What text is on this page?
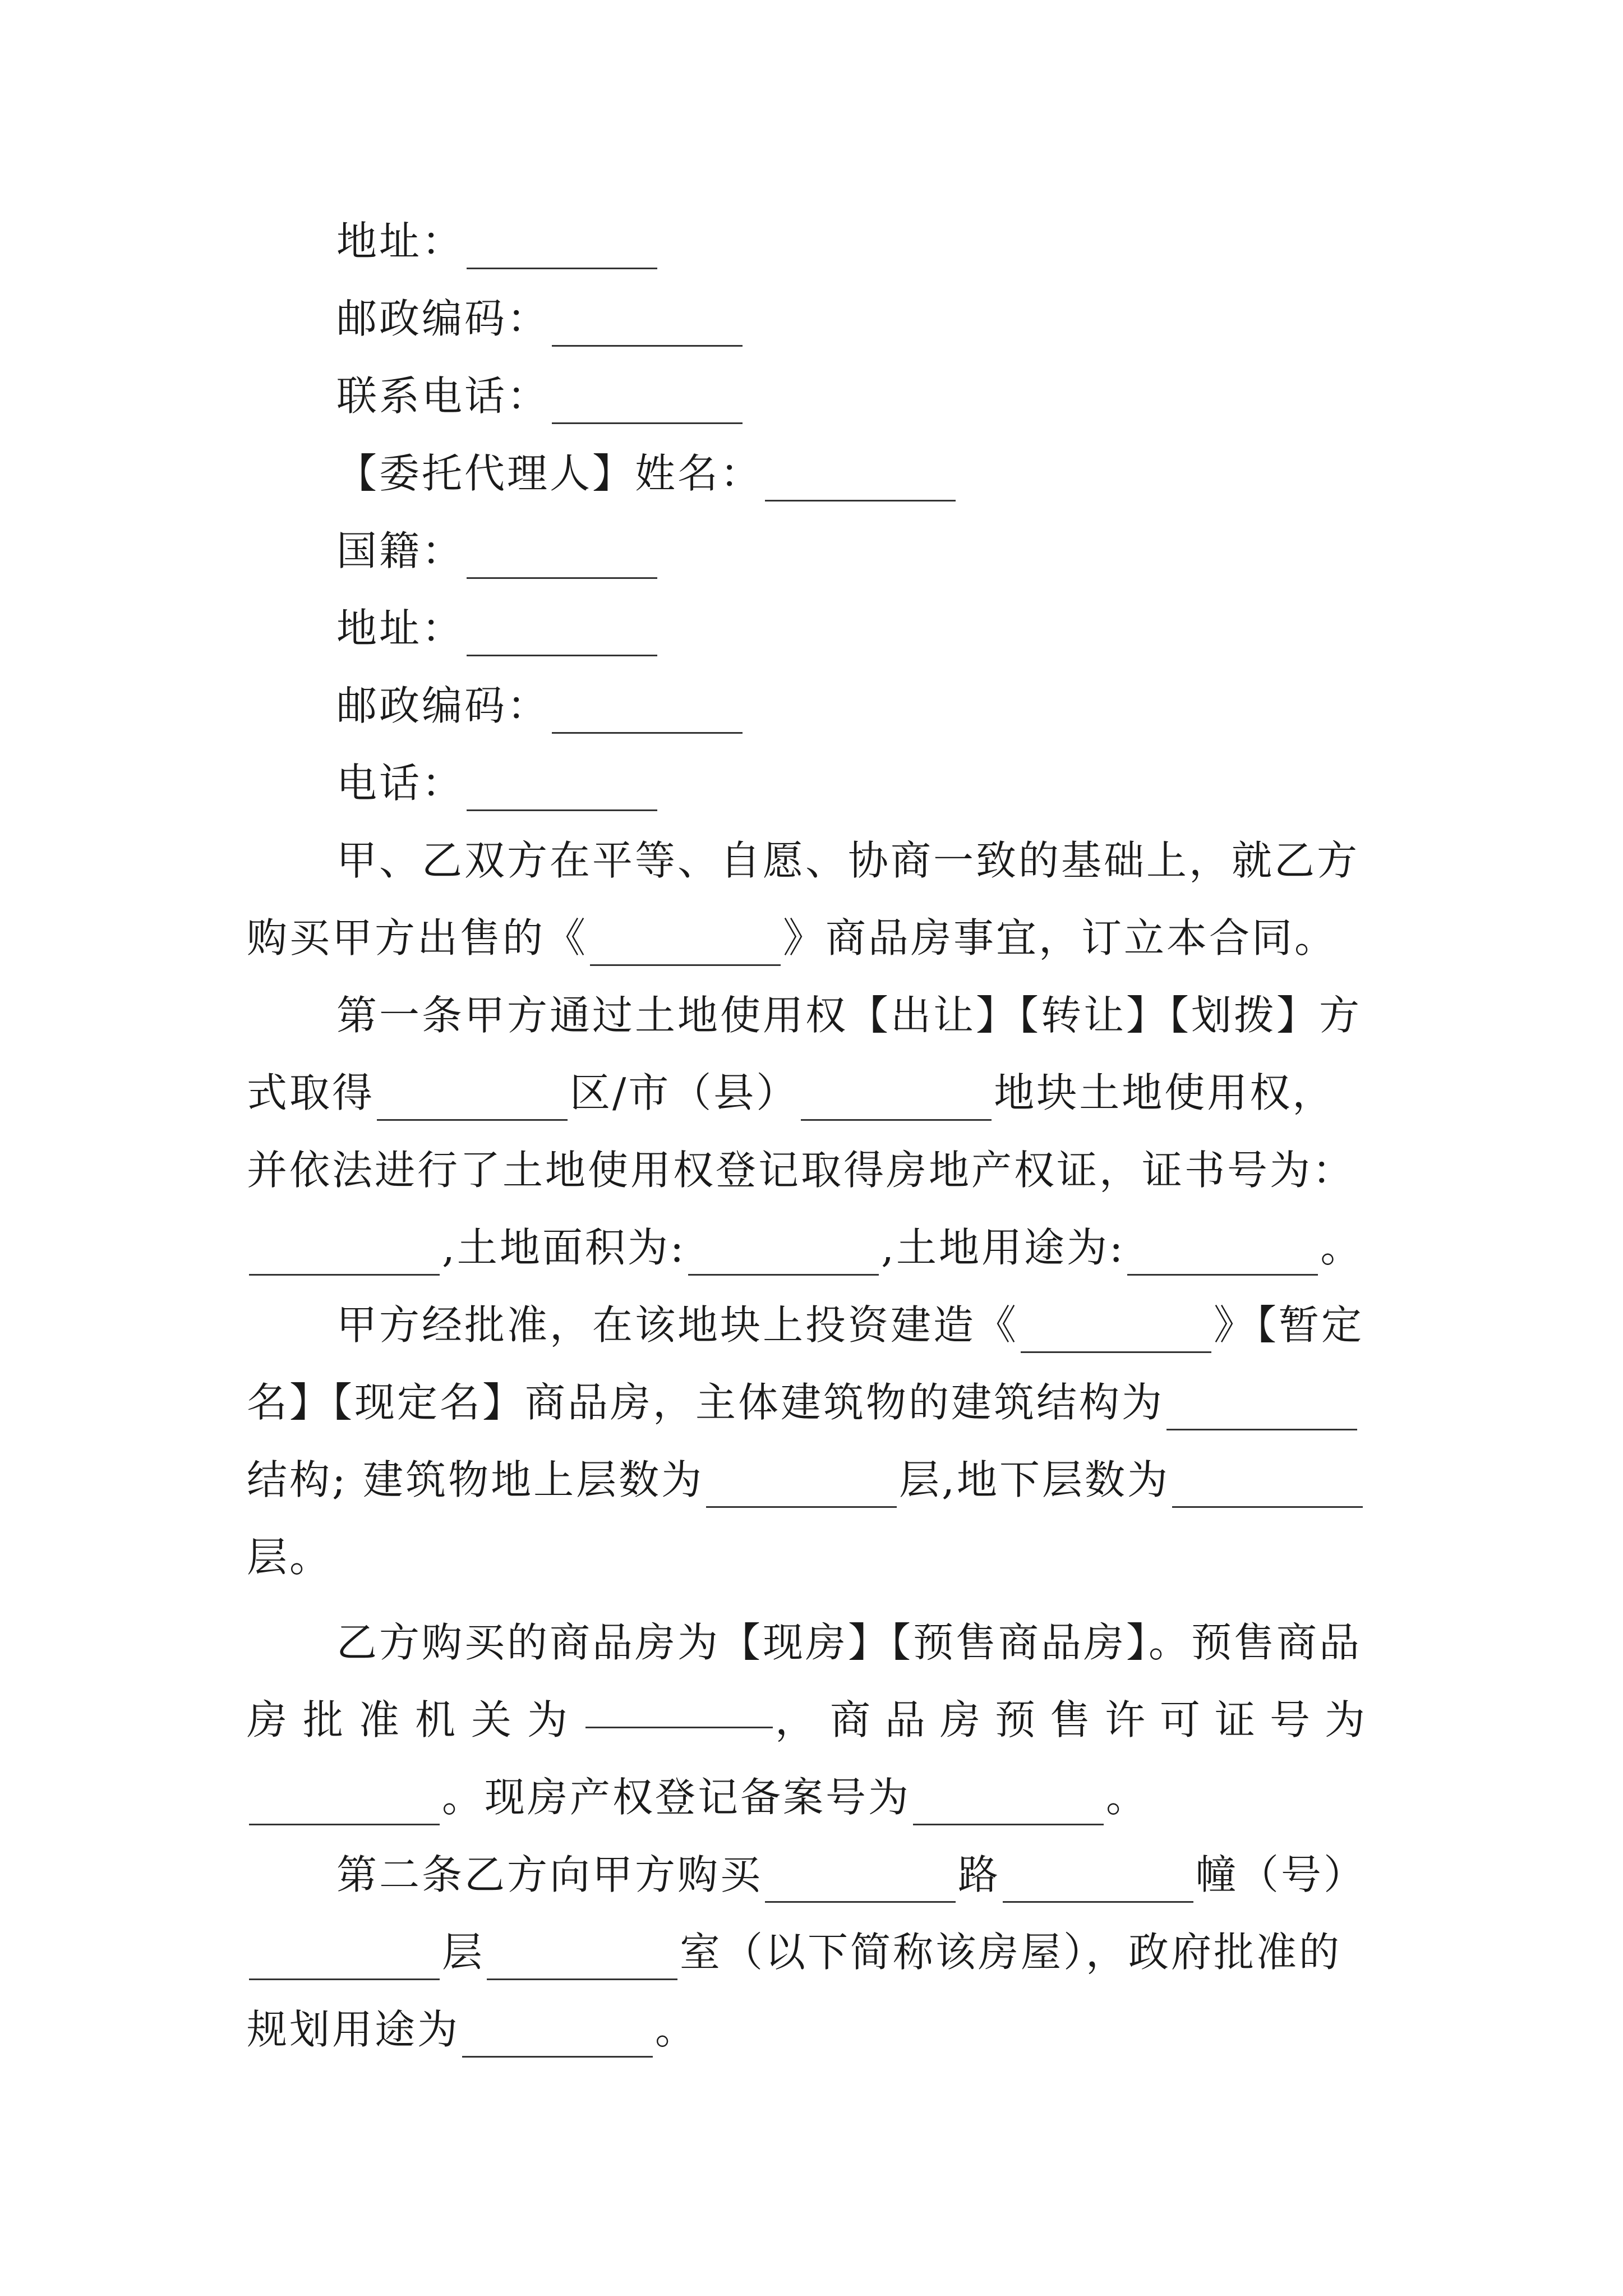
地址：
邮政编码：
联系电话：
【委托代理人】姓名：
国籍：
地址：
邮政编码：
电话：
甲、乙双方在平等、自愿、协商一致的基础上，就乙方
购买甲方出售的《	》商品房事宜，订立本合同。
第一条甲方通过土地使用权【出让】【转让】【划拨】方
式取得	区/市（县）	地块土地使用权，
并依法进行了土地使用权登记取得房地产权证，证书号为：
,土地面积为:	,土地用途为:	。
甲方经批准，在该地块上投资建造《	》【暂定
名】【现定名】商品房，主体建筑物的建筑结构为
结构; 建筑物地上层数为	层,地下层数为
层。
乙方购买的商品房为【现房】【预售商品房】。预售商品
房批准机关为	，商品房预售许可证号为
。现房产权登记备案号为	。
第二条乙方向甲方购买	路	幢（号）
层	室（以下简称该房屋），政府批准的
规划用途为	。
